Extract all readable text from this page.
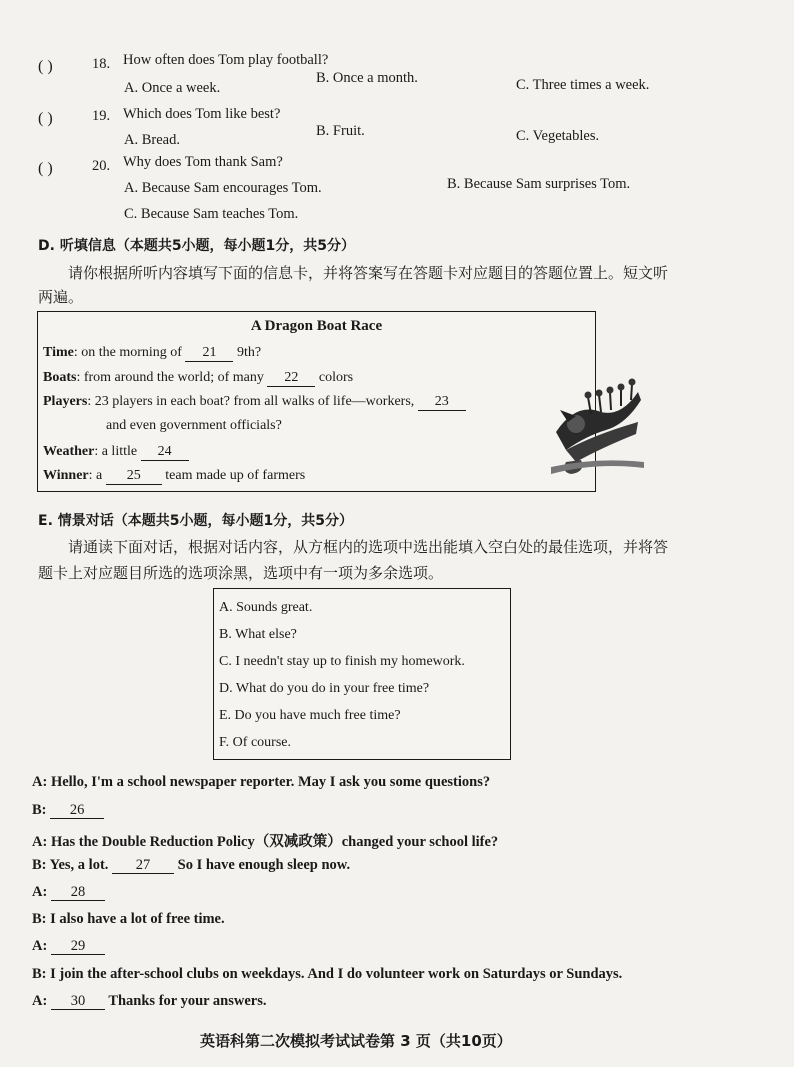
( )	18. How often does Tom play football?
A. Once a week.
B. Once a month.	C. Three times a week.
( )	19. Which does Tom like best?
A. Bread.
B. Fruit.	C. Vegetables.
( )	20. Why does Tom thank Sam?
A. Because Sam encourages Tom.	B. Because Sam surprises Tom.
C. Because Sam teaches Tom.
D. 听填信息（本题共5小题，每小题1分，共5分）
请你根据所听内容填写下面的信息卡，并将答案写在答题卡对应题目的答题位置上。短文听
两遍。
A Dragon Boat Race
Time: on the morning of 21 9th?
Boats: from around the world; of many 22 colors
Players: 23 players in each boat? from all walks of life—workers, 23
and even government officials?
Weather: a little 24
Winner: a 25 team made up of farmers
E. 情景对话（本题共5小题，每小题1分，共5分）
请通读下面对话，根据对话内容，从方框内的选项中选出能填入空白处的最佳选项，并将答
题卡上对应题目所选的选项涂黑，选项中有一项为多余选项。
A. Sounds great.
B. What else?
C. I needn't stay up to finish my homework.
D. What do you do in your free time?
E. Do you have much free time?
F. Of course.
A: Hello, I'm a school newspaper reporter. May I ask you some questions?
B: 26
A: Has the Double Reduction Policy（双减政策）changed your school life?
B: Yes, a lot. 27 So I have enough sleep now.
A: 28
B: I also have a lot of free time.
A: 29
B: I join the after-school clubs on weekdays. And I do volunteer work on Saturdays or Sundays.
A: 30 Thanks for your answers.
英语科第二次模拟考试试卷第 3 页（共10页）
